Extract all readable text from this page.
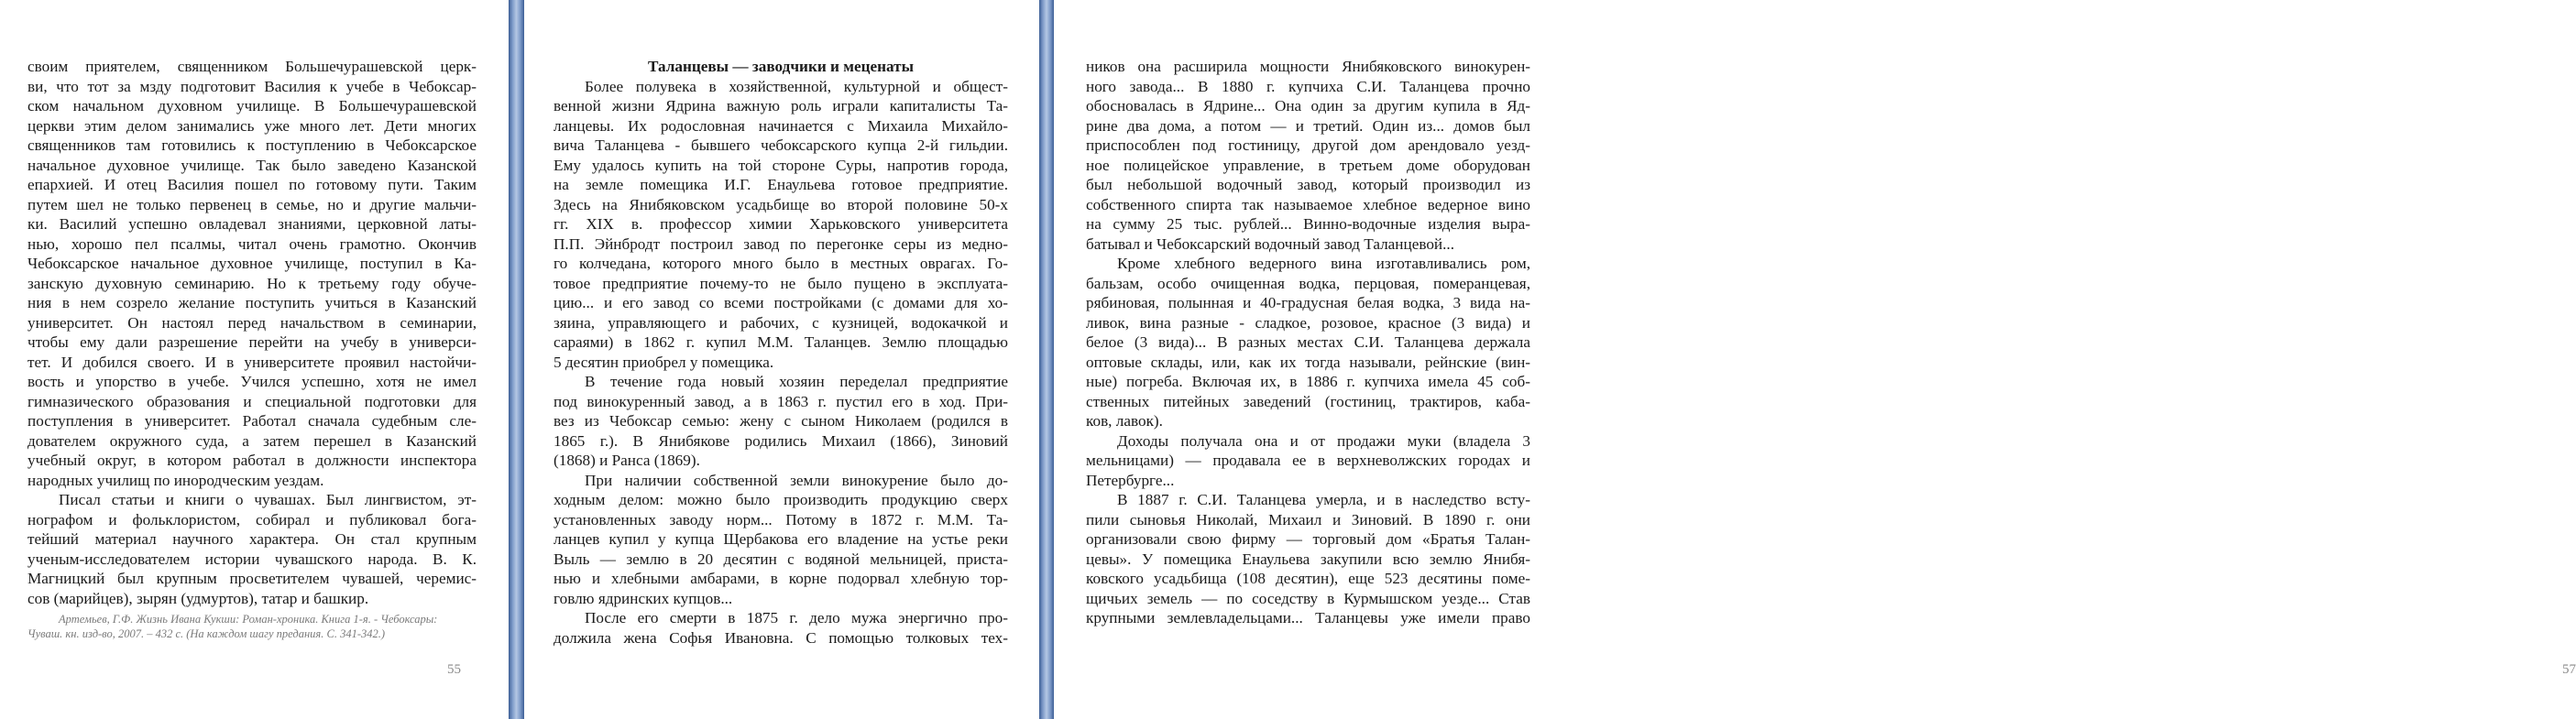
своим приятелем, священником Большечурашевской церк-
ви, что тот за мзду подготовит Василия к учебе в Чебоксар-
ском начальном духовном училище. В Большечурашевской
церкви этим делом занимались уже много лет. Дети многих
священников там готовились к поступлению в Чебоксарское
начальное духовное училище. Так было заведено Казанской
епархией. И отец Василия пошел по готовому пути. Таким
путем шел не только первенец в семье, но и другие мальчи-
ки. Василий успешно овладевал знаниями, церковной латы-
нью, хорошо пел псалмы, читал очень грамотно. Окончив
Чебоксарское начальное духовное училище, поступил в Ка-
занскую духовную семинарию. Но к третьему году обуче-
ния в нем созрело желание поступить учиться в Казанский
университет. Он настоял перед начальством в семинарии,
чтобы ему дали разрешение перейти на учебу в универси-
тет. И добился своего. И в университете проявил настойчи-
вость и упорство в учебе. Учился успешно, хотя не имел
гимназического образования и специальной подготовки для
поступления в университет. Работал сначала судебным сле-
дователем окружного суда, а затем перешел в Казанский
учебный округ, в котором работал в должности инспектора
народных училищ по инородческим уездам.
Писал статьи и книги о чувашах. Был лингвистом, эт-
нографом и фольклористом, собирал и публиковал бога-
тейший материал научного характера. Он стал крупным
ученым-исследователем истории чувашского народа. В. К.
Магницкий был крупным просветителем чувашей, черемис-
сов (марийцев), зырян (удмуртов), татар и башкир.
Артемьев, Г.Ф. Жизнь Ивана Кукши: Роман-хроника. Книга 1-я. - Чебоксары:
Чуваш. кн. изд-во, 2007. – 432 с. (На каждом шагу предания. С. 341-342.)
55
Таланцевы — заводчики и меценаты
Более полувека в хозяйственной, культурной и общест-
венной жизни Ядрина важную роль играли капиталисты Та-
ланцевы. Их родословная начинается с Михаила Михайло-
вича Таланцева - бывшего чебоксарского купца 2-й гильдии.
Ему удалось купить на той стороне Суры, напротив города,
на земле помещика И.Г. Енаульева готовое предприятие.
Здесь на Янибяковском усадьбище во второй половине 50-х
гг. XIX в. профессор химии Харьковского университета
П.П. Эйнбродт построил завод по перегонке серы из медно-
го колчедана, которого много было в местных оврагах. Го-
товое предприятие почему-то не было пущено в эксплуата-
цию... и его завод со всеми постройками (с домами для хо-
зяина, управляющего и рабочих, с кузницей, водокачкой и
сараями) в 1862 г. купил М.М. Таланцев. Землю площадью
5 десятин приобрел у помещика.
В течение года новый хозяин переделал предприятие
под винокуренный завод, а в 1863 г. пустил его в ход. При-
вез из Чебоксар семью: жену с сыном Николаем (родился в
1865 г.). В Янибякове родились Михаил (1866), Зиновий
(1868) и Ранса (1869).
При наличии собственной земли винокурение было до-
ходным делом: можно было производить продукцию сверх
установленных заводу норм... Потому в 1872 г. М.М. Та-
ланцев купил у купца Щербакова его владение на устье реки
Выль — землю в 20 десятин с водяной мельницей, приста-
нью и хлебными амбарами, в корне подорвал хлебную тор-
говлю ядринских купцов...
После его смерти в 1875 г. дело мужа энергично про-
должила жена Софья Ивановна. С помощью толковых тех-
ников она расширила мощности Янибяковского винокурен-
ного завода... В 1880 г. купчиха С.И. Таланцева прочно
обосновалась в Ядрине... Она один за другим купила в Яд-
рине два дома, а потом — и третий. Один из... домов был
приспособлен под гостиницу, другой дом арендовало уезд-
ное полицейское управление, в третьем доме оборудован
был небольшой водочный завод, который производил из
собственного спирта так называемое хлебное ведерное вино
на сумму 25 тыс. рублей... Винно-водочные изделия выра-
батывал и Чебоксарский водочный завод Таланцевой...
Кроме хлебного ведерного вина изготавливались ром,
бальзам, особо очищенная водка, перцовая, померанцевая,
рябиновая, полынная и 40-градусная белая водка, 3 вида на-
ливок, вина разные - сладкое, розовое, красное (3 вида) и
белое (3 вида)... В разных местах С.И. Таланцева держала
оптовые склады, или, как их тогда называли, рейнские (вин-
ные) погреба. Включая их, в 1886 г. купчиха имела 45 соб-
ственных питейных заведений (гостиниц, трактиров, каба-
ков, лавок).
Доходы получала она и от продажи муки (владела 3
мельницами) — продавала ее в верхневолжских городах и
Петербурге...
В 1887 г. С.И. Таланцева умерла, и в наследство всту-
пили сыновья Николай, Михаил и Зиновий. В 1890 г. они
организовали свою фирму — торговый дом «Братья Талан-
цевы». У помещика Енаульева закупили всю землю Янибя-
ковского усадьбища (108 десятин), еще 523 десятины поме-
щичьих земель — по соседству в Курмышском уезде... Став
крупными землевладельцами... Таланцевы уже имели право
57
